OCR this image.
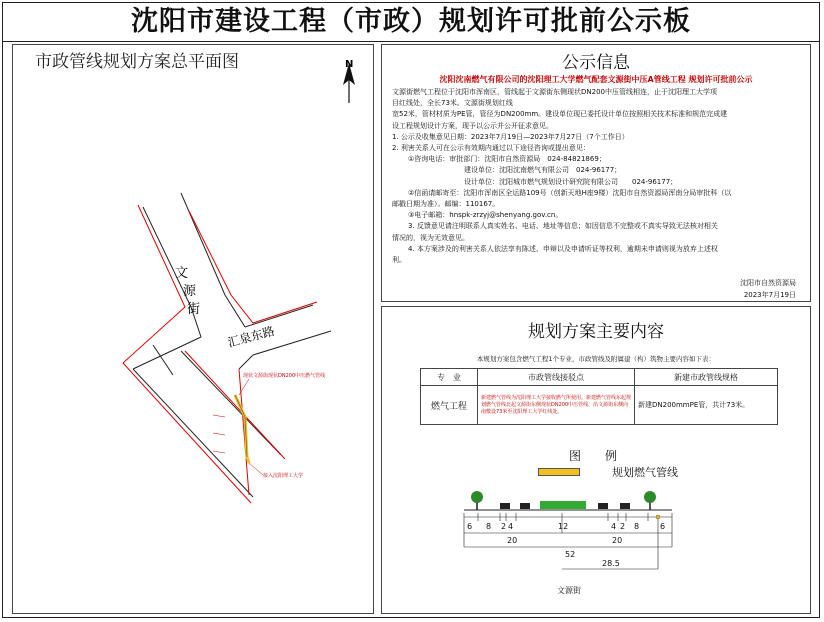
沈阳市建设工程（市政）规划许可批前公示板
市政管线规划方案总平面图	N
文
源
街
汇泉东路
现状文源街现状DN200中压燃气管线
接入沈阳理工大学
公示信息
沈阳沈南燃气有限公司的沈阳理工大学燃气配套文源街中压A管线工程 规划许可批前公示

文源街燃气工程位于沈阳市浑南区，管线起于文源街东侧现状DN200中压管线相连，止于沈阳理工大学项

目红线处，全长73米。文源街规划红线

宽52米，管材材质为PE管，管径为DN200mm。建设单位现已委托设计单位按照相关技术标准和规范完成建

设工程规划设计方案，现予以公示并公开征求意见。

1. 公示及收集意见日期：2023年7月19日—2023年7月27日（7个工作日）

2. 利害关系人可在公示有效期内通过以下途径咨询或提出意见：

①咨询电话：审批部门：沈阳市自然资源局　024-84821869；

建设单位：沈阳沈南燃气有限公司　024-96177；

设计单位：沈阳城市燃气规划设计研究院有限公司　　024-96177；

②信函请邮寄至：沈阳市浑南区全运路109号（创新天地H座9楼）沈阳市自然资源局浑南分局审批科（以

邮戳日期为准）。邮编：110167。

③电子邮箱：hnspk-zrzyj@shenyang.gov.cn。

3. 反馈意见请注明联系人真实姓名、电话、地址等信息；如因信息不完整或不真实导致无法核对相关

情况的，视为无效意见。

4. 本方案涉及的利害关系人依法享有陈述、申辩以及申请听证等权利，逾期未申请则视为放弃上述权

利。

沈阳市自然资源局
2023年7月19日
规划方案主要内容
本规划方案包含燃气工程1个专业，市政管线及附属建（构）筑物主要内容如下表：
专　业	市政管线接驳点	新建市政管线规格
燃气工程	新建燃气管线为沈阳理工大学接收燃气所使用。新建燃气管线东起规划燃气管线北起文源街东侧现状DN200中压管线，沿文源街东侧向南敷设73米至沈阳理工大学红线处。	新建DN200mmPE管，共计73米。
图　例
规划燃气管线
6 8 2 4	12	4 2 8	6
20	20
52
28.5
文源街
